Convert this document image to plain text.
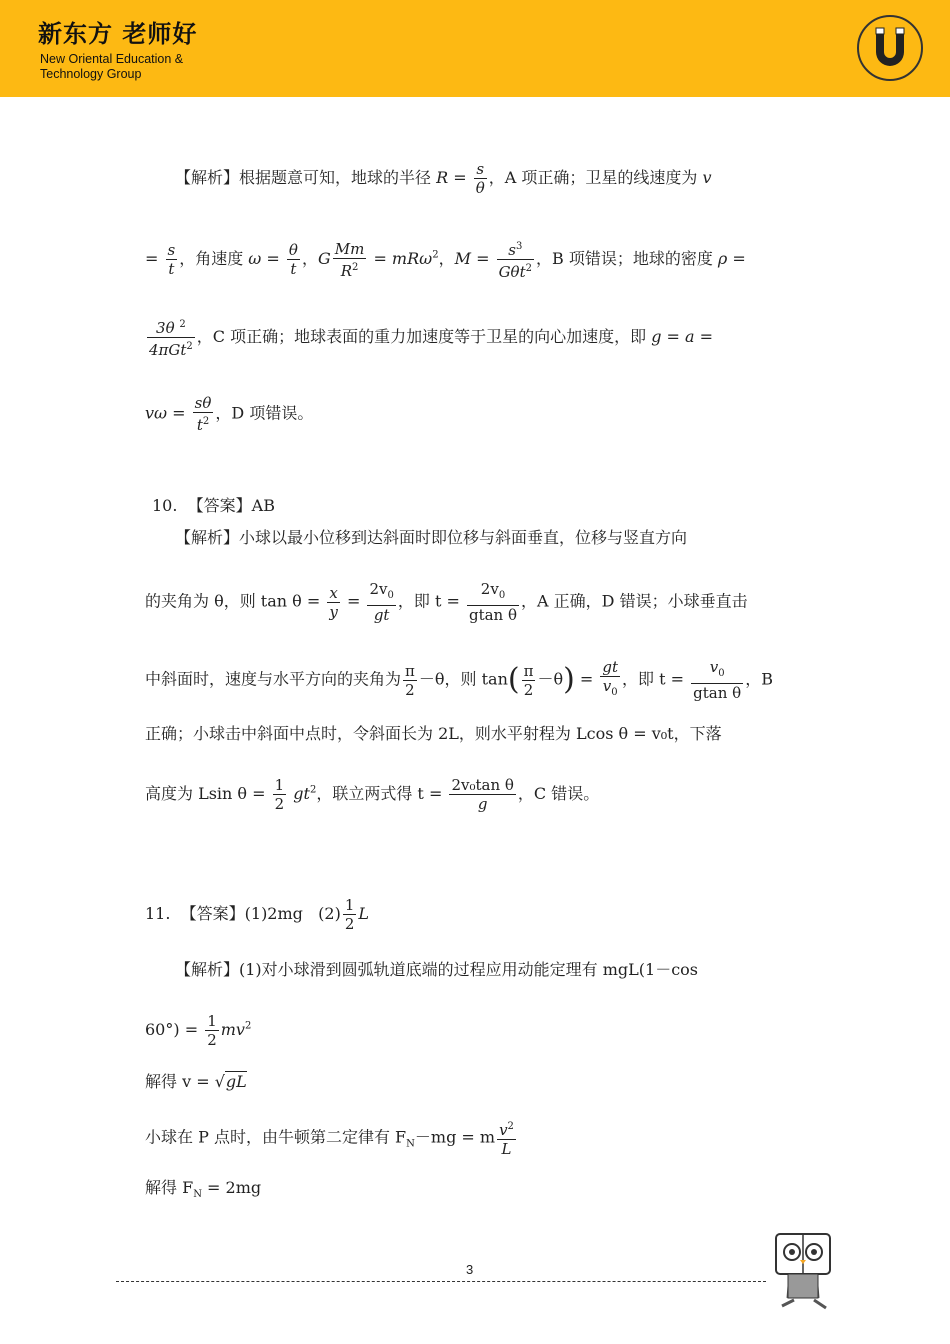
新东方 老师好
New Oriental Education &
Technology Group
【解析】根据题意可知，地球的半径 $R = \frac{s}{\theta}$ ，A 项正确；卫星的线速度为 v
= $\frac{s}{t}$ ，角速度 $\omega = \frac{\theta}{t}$ ，G $\frac{Mm}{R^2} = mR\omega^2$，$M = \frac{s^3}{G\theta t^2}$ ，B 项错误；地球的密度 ρ =
$\frac{3\theta ^2}{4\pi Gt^2}$ ，C 项正确；地球表面的重力加速度等于卫星的向心加速度，即 g = a =
$v\omega = \frac{s\theta}{t^2}$ ，D 项错误。
10. 【答案】AB
【解析】小球以最小位移到达斜面时即位移与斜面垂直，位移与竖直方向
的夹角为 θ，则 $\tan \theta = \frac{x}{y} = \frac{2v_0}{gt}$ ，即 $t = \frac{2v_0}{\text{gtan θ}}$ ，A 正确，D 错误；小球垂直击
中斜面时，速度与水平方向的夹角为 $\frac{\pi}{2} -\theta$，则 $\tan( \frac{\pi}{2} -\theta) = \frac{gt}{v_0}$ ，即 $t = \frac{v_0}{\text{gtan θ}}$ ，B
正确；小球击中斜面中点时，令斜面长为 2L，则水平射程为 Lcos θ = v₀t，下落
高度为 Lsin $\theta = \frac{1}{2} gt^2$，联立两式得 $t = \frac{\text{2v₀tan θ}}{g}$ ，C 错误。
11. 【答案】(1)2mg $(2) \frac{1}{2}$ L
【解析】(1)对小球滑到圆弧轨道底端的过程应用动能定理有 mgL(1－cos
$60^\circ) = \frac{1}{2} mv^2$
解得 v = √gL
小球在 P 点时，由牛顿第二定律有 $F_N-mg = m \frac{v^2}{L}$
解得 $F_N = 2mg$
3
